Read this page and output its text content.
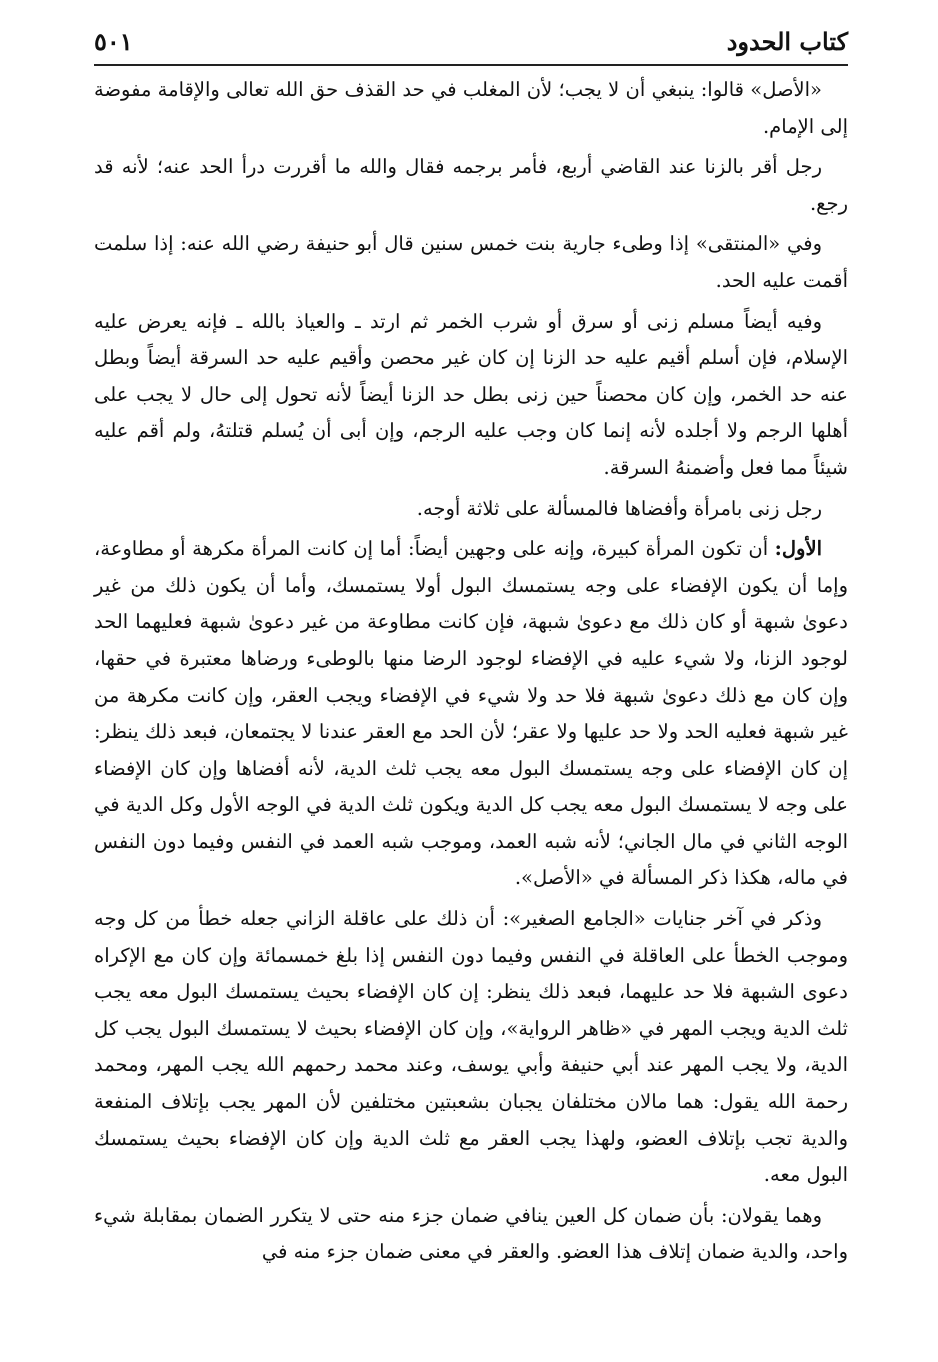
كتاب الحدود
٥٠١

«الأصل» قالوا: ينبغي أن لا يجب؛ لأن المغلب في حد القذف حق الله تعالى والإقامة مفوضة إلى الإمام.

رجل أقر بالزنا عند القاضي أربع، فأمر برجمه فقال والله ما أقررت درأ الحد عنه؛ لأنه قد رجع.

وفي «المنتقى» إذا وطىء جارية بنت خمس سنين قال أبو حنيفة رضي الله عنه: إذا سلمت أقمت عليه الحد.

وفيه أيضاً مسلم زنى أو سرق أو شرب الخمر ثم ارتد ـ والعياذ بالله ـ فإنه يعرض عليه الإسلام، فإن أسلم أقيم عليه حد الزنا إن كان غير محصن وأقيم عليه حد السرقة أيضاً وبطل عنه حد الخمر، وإن كان محصناً حين زنى بطل حد الزنا أيضاً لأنه تحول إلى حال لا يجب على أهلها الرجم ولا أجلده لأنه إنما كان وجب عليه الرجم، وإن أبى أن يُسلم قتلتهُ، ولم أقم عليه شيئاً مما فعل وأضمنهُ السرقة.

رجل زنى بامرأة وأفضاها فالمسألة على ثلاثة أوجه.

الأول: أن تكون المرأة كبيرة، وإنه على وجهين أيضاً: أما إن كانت المرأة مكرهة أو مطاوعة، وإما أن يكون الإفضاء على وجه يستمسك البول أولا يستمسك، وأما أن يكون ذلك من غير دعوىٰ شبهة أو كان ذلك مع دعوىٰ شبهة، فإن كانت مطاوعة من غير دعوىٰ شبهة فعليهما الحد لوجود الزنا، ولا شيء عليه في الإفضاء لوجود الرضا منها بالوطىء ورضاها معتبرة في حقها، وإن كان مع ذلك دعوىٰ شبهة فلا حد ولا شيء في الإفضاء ويجب العقر، وإن كانت مكرهة من غير شبهة فعليه الحد ولا حد عليها ولا عقر؛ لأن الحد مع العقر عندنا لا يجتمعان، فبعد ذلك ينظر: إن كان الإفضاء على وجه يستمسك البول معه يجب ثلث الدية، لأنه أفضاها وإن كان الإفضاء على وجه لا يستمسك البول معه يجب كل الدية ويكون ثلث الدية في الوجه الأول وكل الدية في الوجه الثاني في مال الجاني؛ لأنه شبه العمد، وموجب شبه العمد في النفس وفيما دون النفس في ماله، هكذا ذكر المسألة في «الأصل».

وذكر في آخر جنايات «الجامع الصغير»: أن ذلك على عاقلة الزاني جعله خطأ من كل وجه وموجب الخطأ على العاقلة في النفس وفيما دون النفس إذا بلغ خمسمائة وإن كان مع الإكراه دعوى الشبهة فلا حد عليهما، فبعد ذلك ينظر: إن كان الإفضاء بحيث يستمسك البول معه يجب ثلث الدية ويجب المهر في «ظاهر الرواية»، وإن كان الإفضاء بحيث لا يستمسك البول يجب كل الدية، ولا يجب المهر عند أبي حنيفة وأبي يوسف، وعند محمد رحمهم الله يجب المهر، ومحمد رحمة الله يقول: هما مالان مختلفان يجبان بشعبتين مختلفين لأن المهر يجب بإتلاف المنفعة والدية تجب بإتلاف العضو، ولهذا يجب العقر مع ثلث الدية وإن كان الإفضاء بحيث يستمسك البول معه.

وهما يقولان: بأن ضمان كل العين ينافي ضمان جزء منه حتى لا يتكرر الضمان بمقابلة شيء واحد، والدية ضمان إتلاف هذا العضو. والعقر في معنى ضمان جزء منه في
